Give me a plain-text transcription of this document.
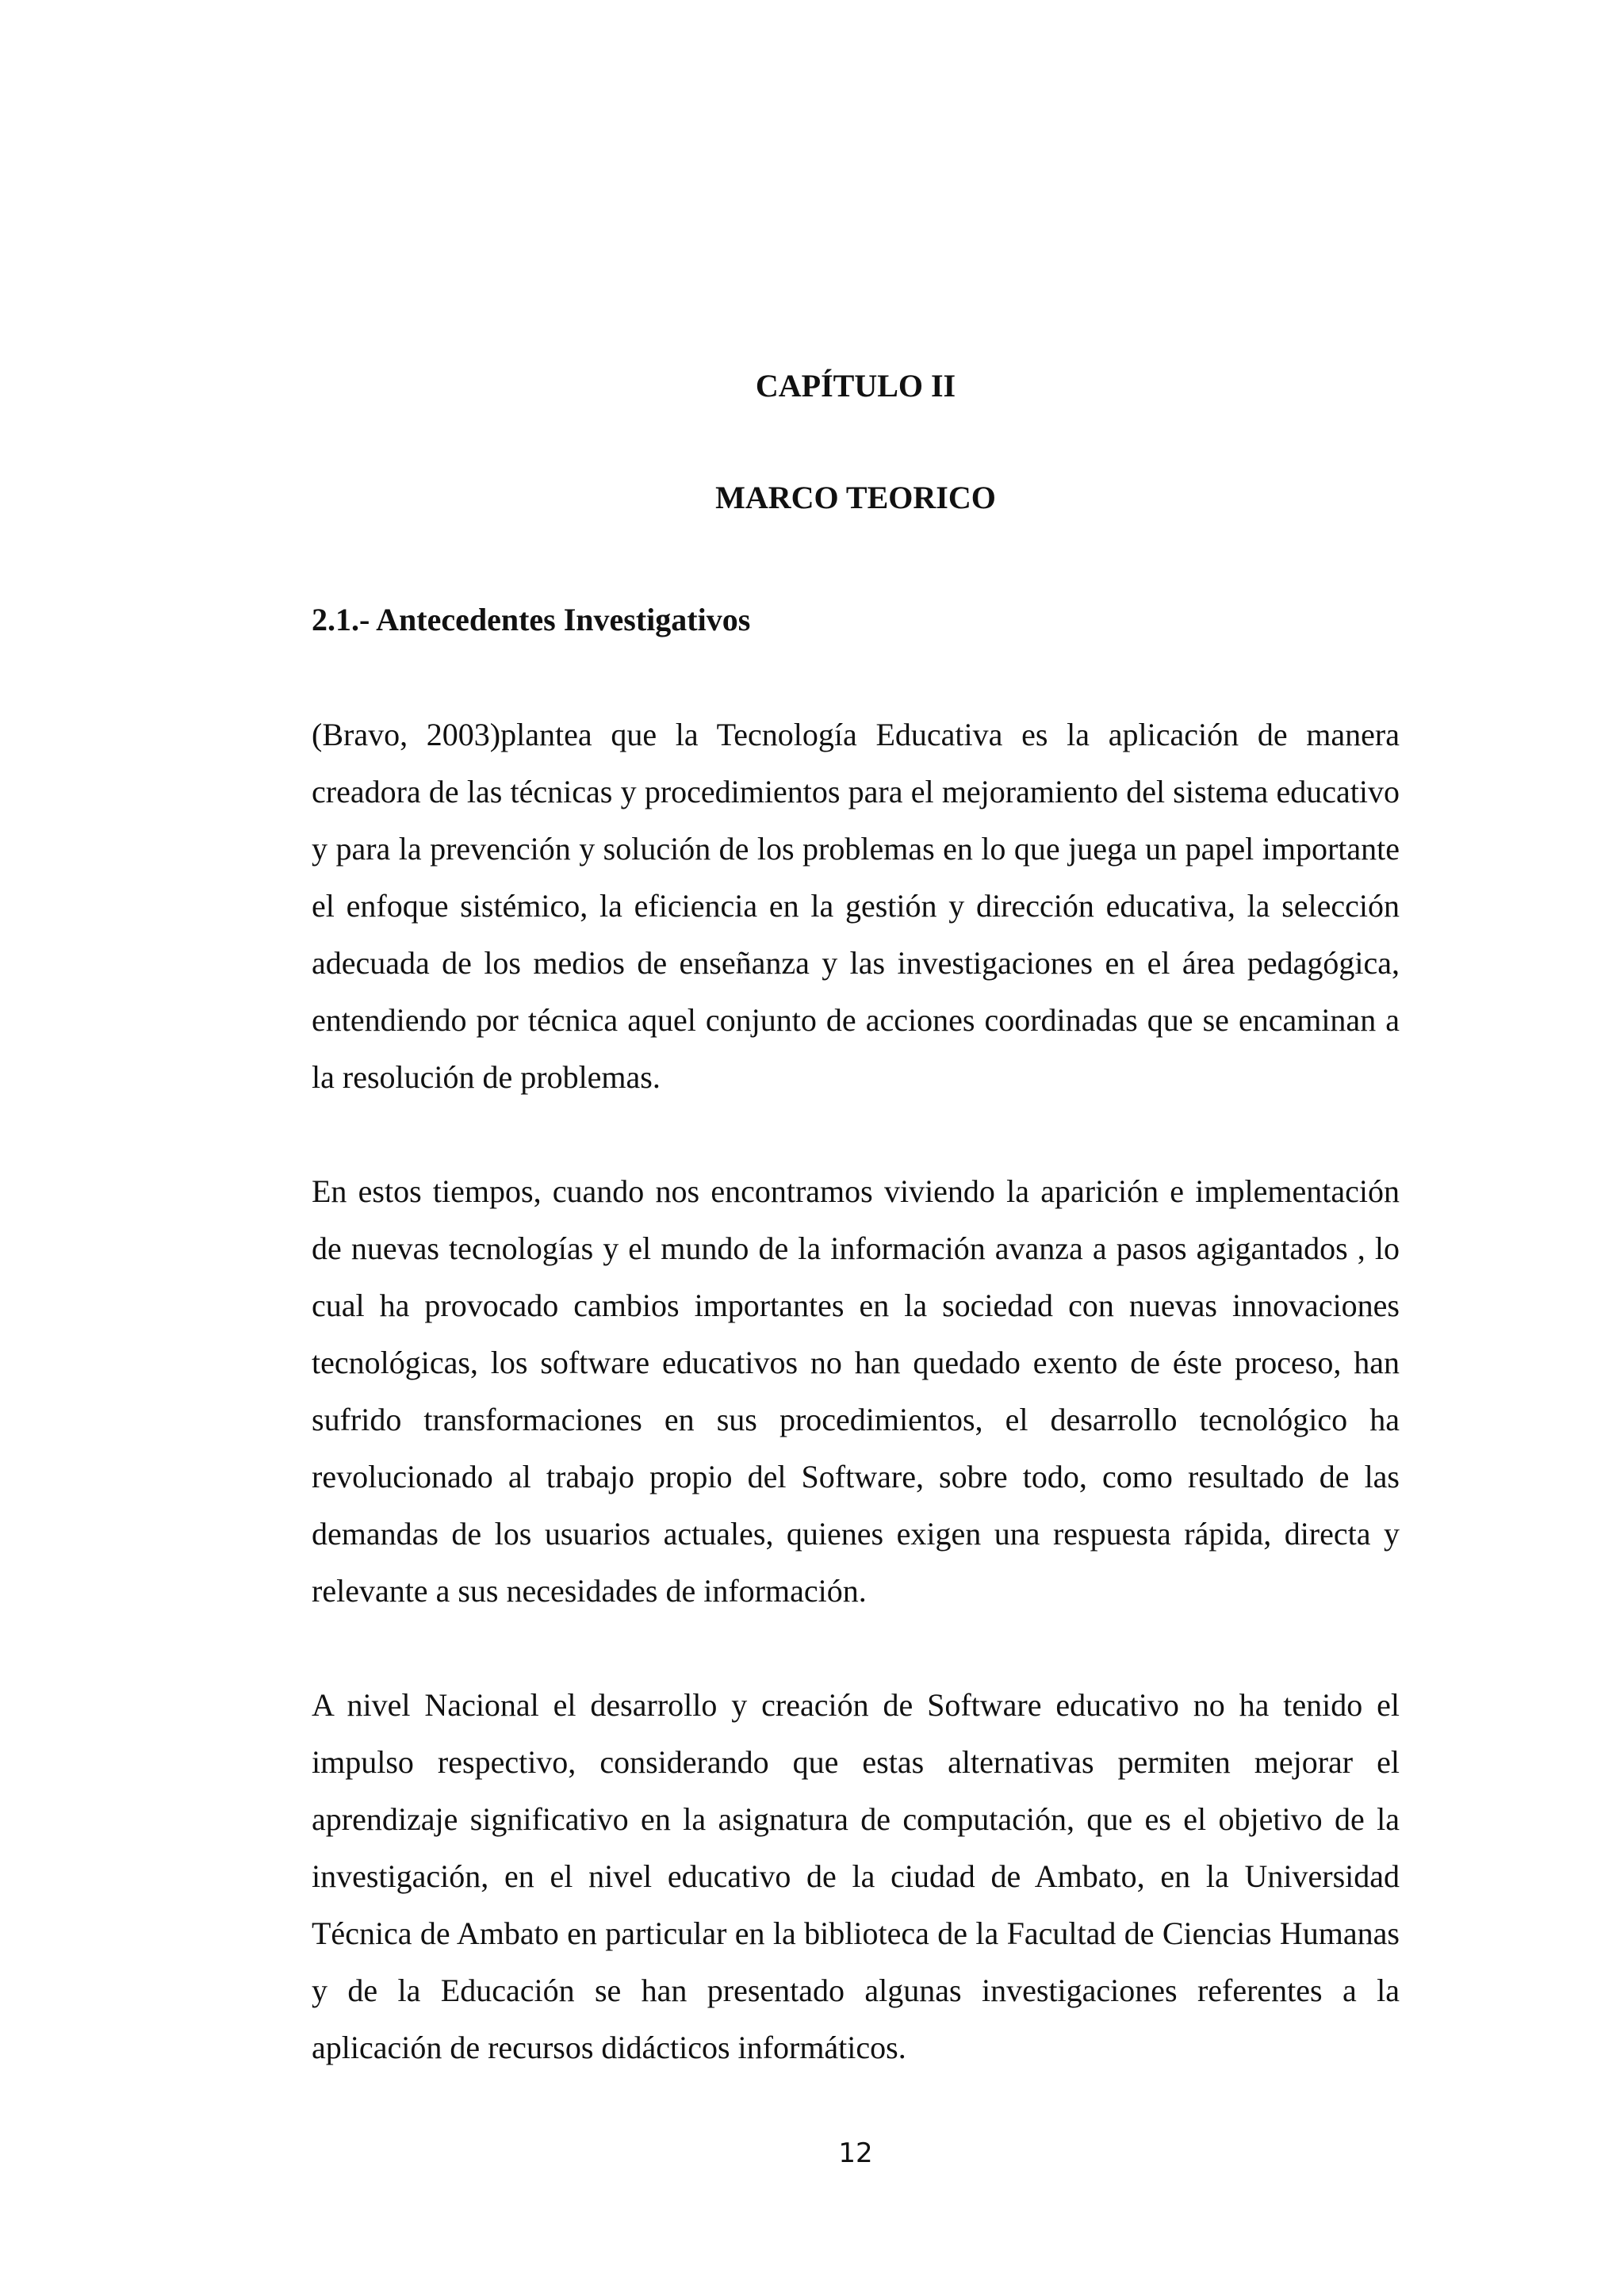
CAPÍTULO II
MARCO TEORICO
2.1.- Antecedentes Investigativos

(Bravo, 2003)plantea que la Tecnología Educativa es la aplicación de manera creadora de las técnicas y procedimientos para el mejoramiento del sistema educativo y para la prevención y solución de los problemas en lo que juega un papel importante el enfoque sistémico, la eficiencia en la gestión y dirección educativa, la selección adecuada de los medios de enseñanza y las investigaciones en el área pedagógica, entendiendo por técnica aquel conjunto de acciones coordinadas que se encaminan a la resolución de problemas.

En estos tiempos, cuando nos encontramos viviendo la aparición e implementación de nuevas tecnologías y el mundo de la información avanza a pasos agigantados , lo cual ha provocado cambios importantes en la sociedad con nuevas innovaciones tecnológicas, los software educativos no han quedado exento de éste proceso, han sufrido transformaciones en sus procedimientos, el desarrollo tecnológico ha revolucionado al trabajo propio del Software, sobre todo, como resultado de las demandas de los usuarios actuales, quienes exigen una respuesta rápida, directa y relevante a sus necesidades de información.

A nivel Nacional el desarrollo y creación de Software educativo no ha tenido el impulso respectivo, considerando que estas alternativas permiten mejorar el aprendizaje significativo en la asignatura de computación, que es el objetivo de la investigación, en el nivel educativo de la ciudad de Ambato, en la Universidad Técnica de Ambato en particular en la biblioteca de la Facultad de Ciencias Humanas y de la Educación se han presentado algunas investigaciones referentes a la aplicación de recursos didácticos informáticos.

12
